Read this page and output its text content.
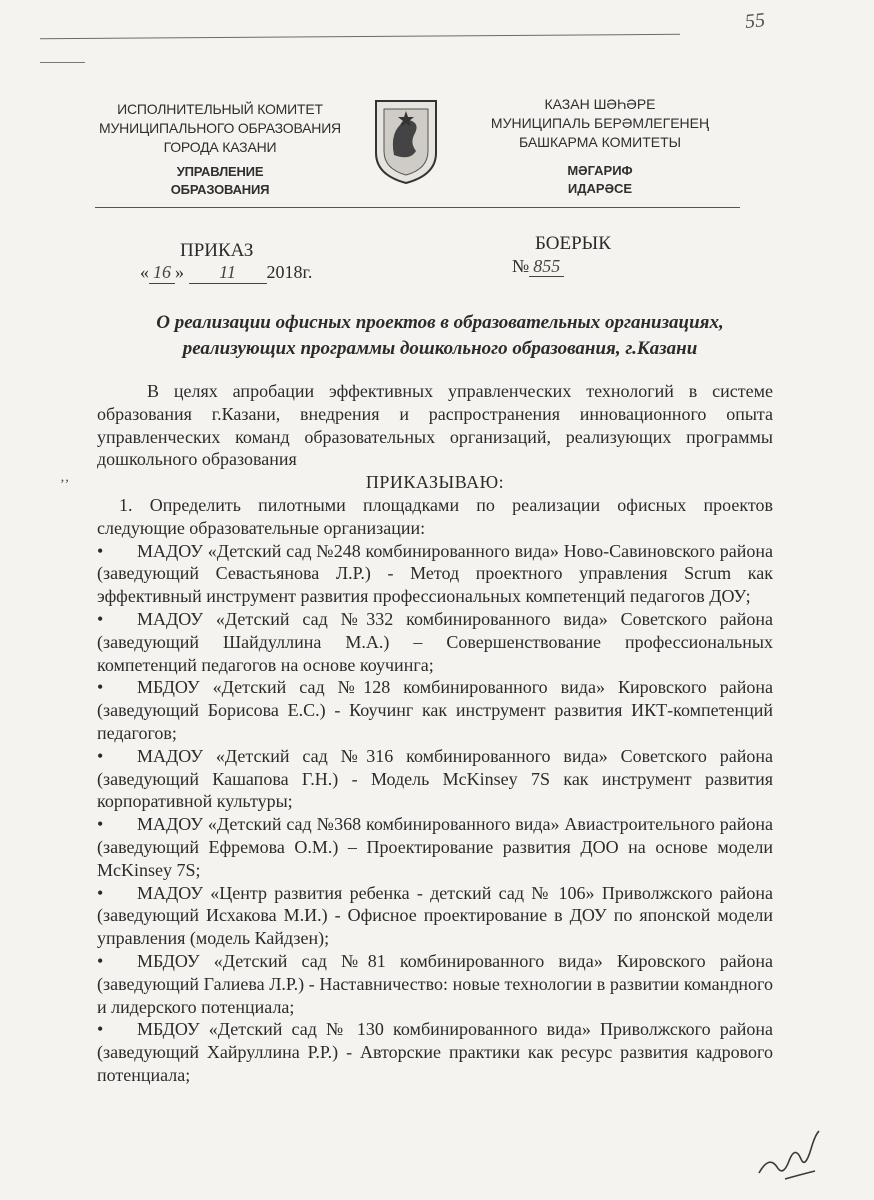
55
ИСПОЛНИТЕЛЬНЫЙ КОМИТЕТ
МУНИЦИПАЛЬНОГО ОБРАЗОВАНИЯ
ГОРОДА КАЗАНИ
УПРАВЛЕНИЕ
ОБРАЗОВАНИЯ
КАЗАН ШӘҺӘРЕ
МУНИЦИПАЛЬ БЕРӘМЛЕГЕНЕҢ
БАШКАРМА КОМИТЕТЫ
МӘГАРИФ
ИДАРӘСЕ
ПРИКАЗ
« 16 » 11 2018г.
БОЕРЫК
№ 855
О реализации офисных проектов в образовательных организациях,
реализующих программы дошкольного образования, г.Казани
‚‚

В целях апробации эффективных управленческих технологий в системе образования г.Казани, внедрения и распространения инновационного опыта управленческих команд образовательных организаций, реализующих программы дошкольного образования

ПРИКАЗЫВАЮ:

1. Определить пилотными площадками по реализации офисных проектов следующие образовательные организации:

• МАДОУ «Детский сад №248 комбинированного вида» Ново-Савиновского района (заведующий Севастьянова Л.Р.) - Метод проектного управления Scrum как эффективный инструмент развития профессиональных компетенций педагогов ДОУ;

• МАДОУ «Детский сад №332 комбинированного вида» Советского района (заведующий Шайдуллина М.А.) – Совершенствование профессиональных компетенций педагогов на основе коучинга;

• МБДОУ «Детский сад №128 комбинированного вида» Кировского района (заведующий Борисова Е.С.) - Коучинг как инструмент развития ИКТ-компетенций педагогов;

• МАДОУ «Детский сад №316 комбинированного вида» Советского района (заведующий Кашапова Г.Н.) - Модель McKinsey 7S как инструмент развития корпоративной культуры;

• МАДОУ «Детский сад №368 комбинированного вида» Авиастроительного района (заведующий Ефремова О.М.) – Проектирование развития ДОО на основе модели McKinsey 7S;

• МАДОУ «Центр развития ребенка - детский сад № 106» Приволжского района (заведующий Исхакова М.И.) - Офисное проектирование в ДОУ по японской модели управления (модель Кайдзен);

• МБДОУ «Детский сад №81 комбинированного вида» Кировского района (заведующий Галиева Л.Р.) - Наставничество: новые технологии в развитии командного и лидерского потенциала;

• МБДОУ «Детский сад № 130 комбинированного вида» Приволжского района (заведующий Хайруллина Р.Р.) - Авторские практики как ресурс развития кадрового потенциала;
